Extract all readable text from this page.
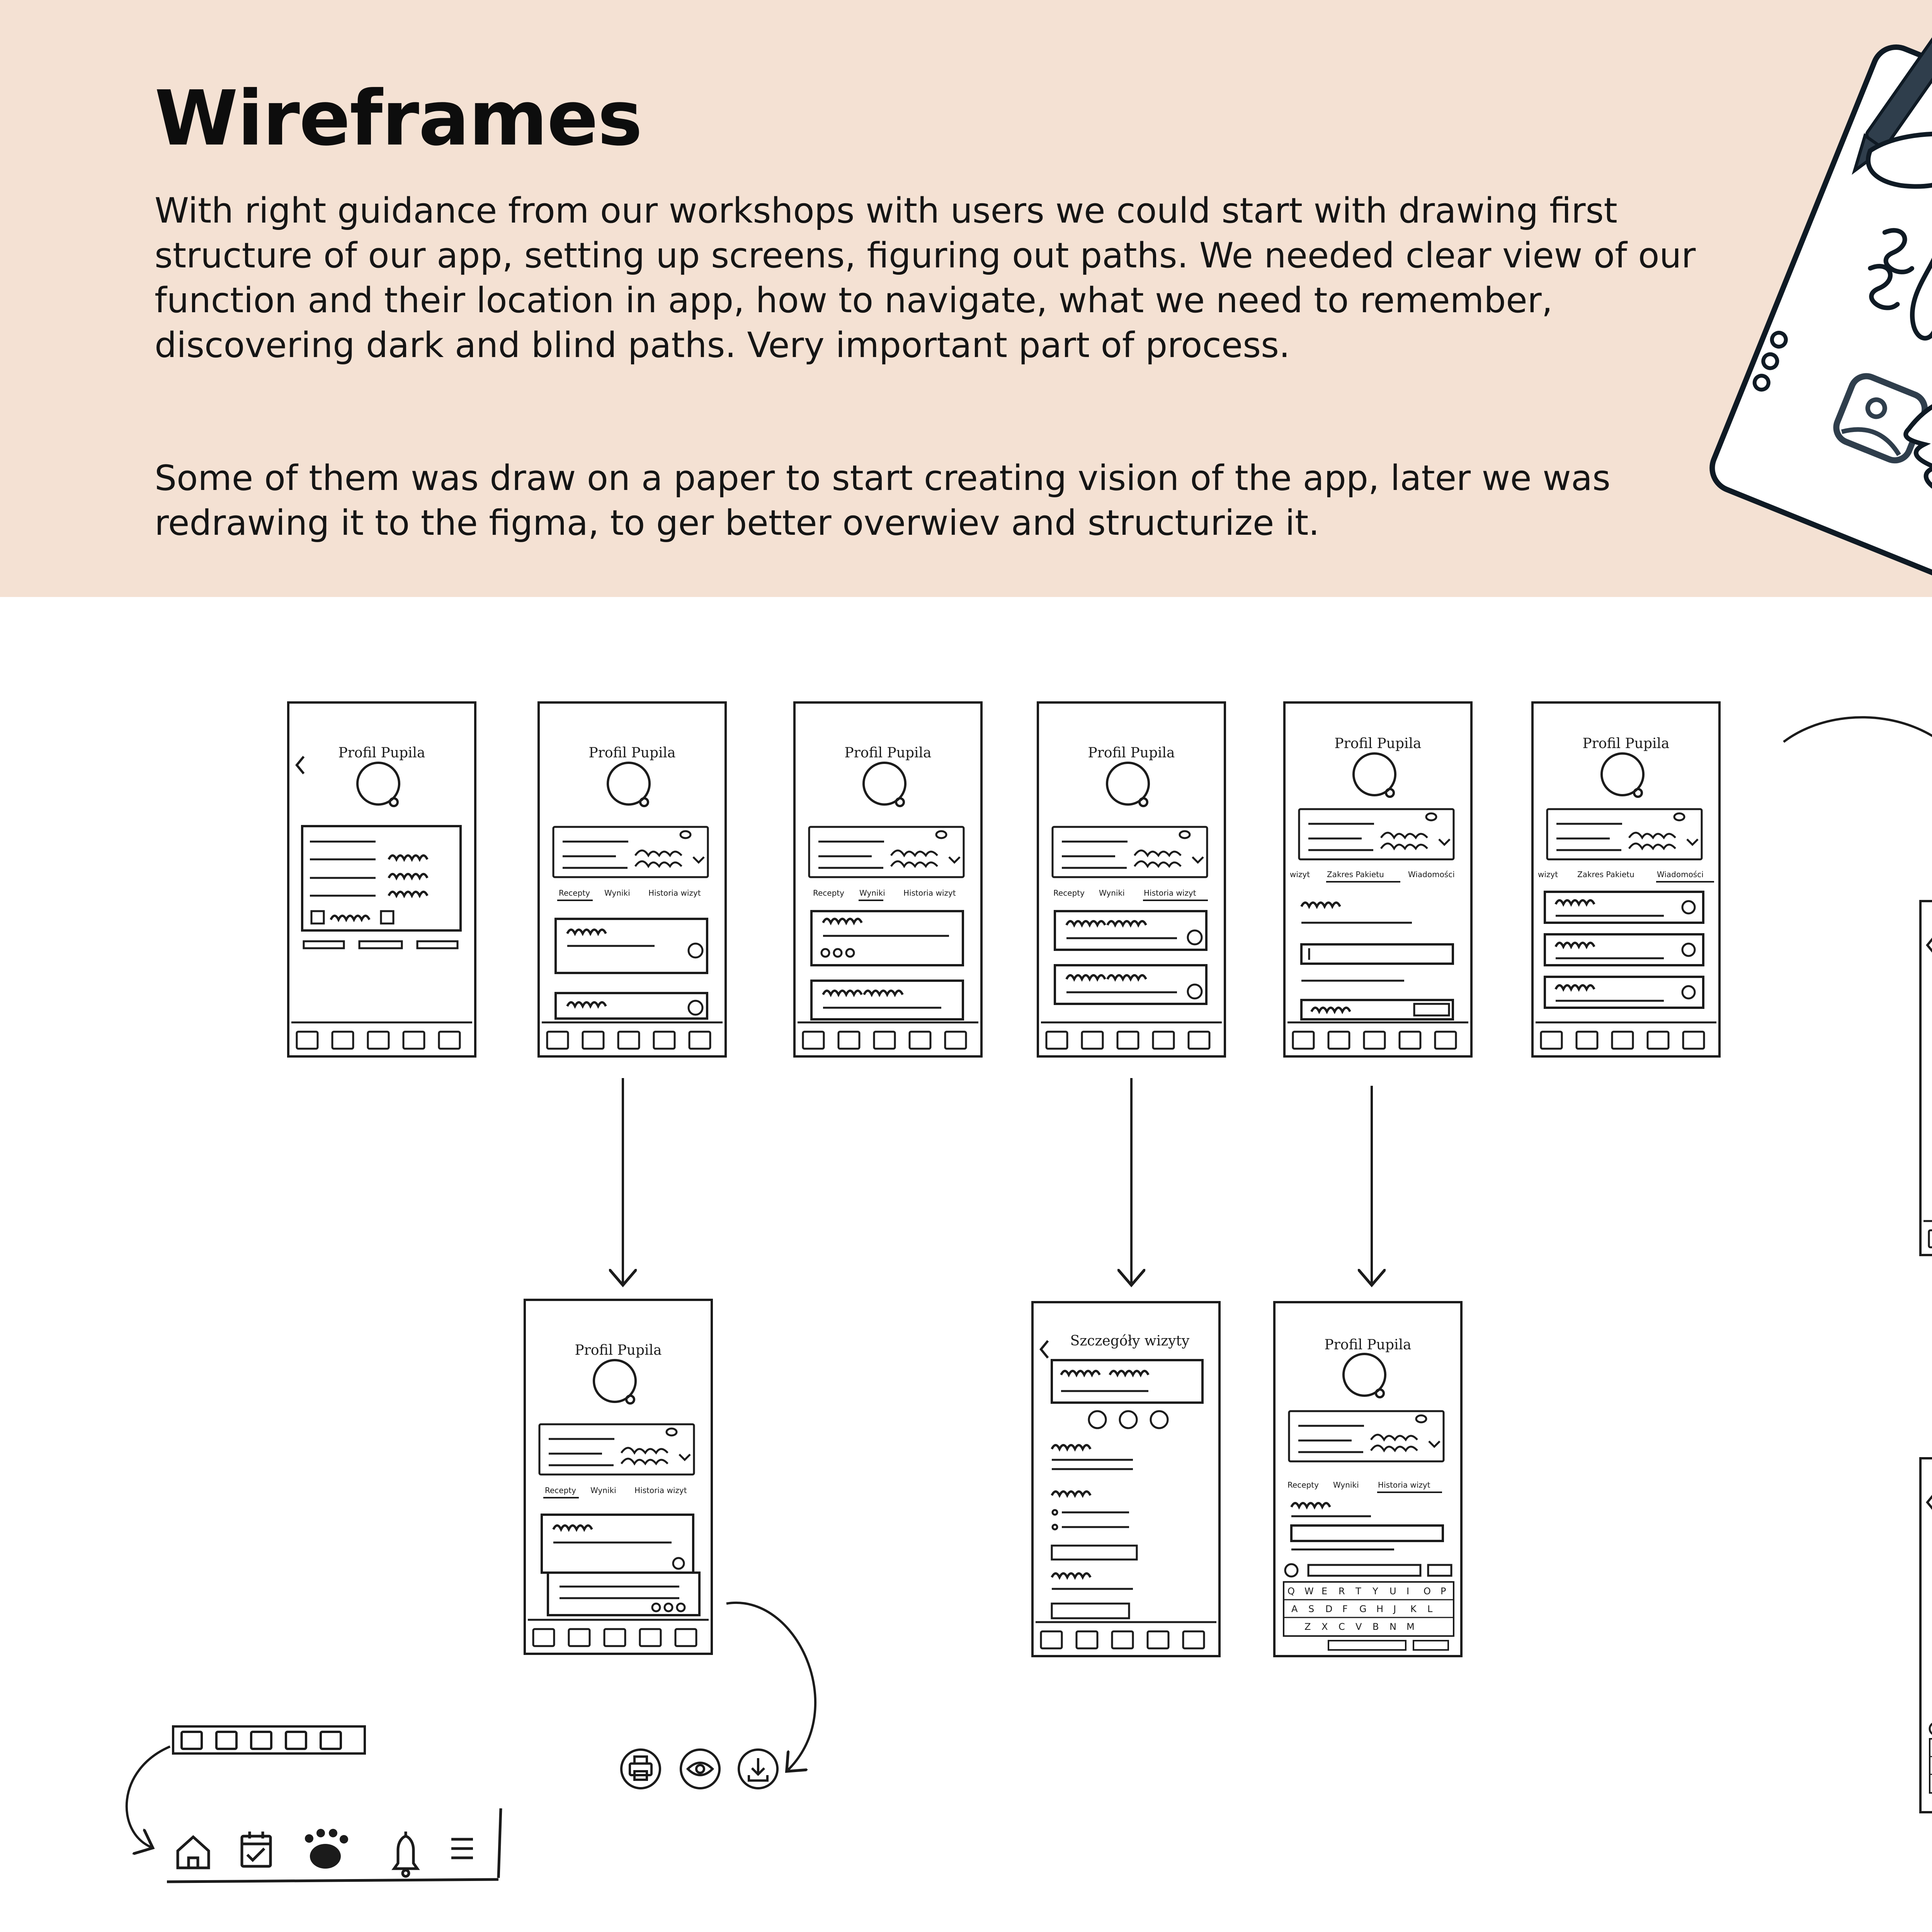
Wireframes

With right guidance from our workshops with users we could start with drawing first structure of our app, setting up screens, figuring out paths. We needed clear view of our function and their location in app, how to navigate, what we need to remember, discovering dark and blind paths. Very important part of process.

Some of them was draw on a paper to start creating vision of the app, later we was redrawing it to the figma, to ger better overwiev and structurize it.

Profil Pupila	Profil Pupila
Recepty Wyniki Historia wizyt
Profil Pupila
Recepty Wyniki Historia wizyt
Profil Pupila
Recepty Wyniki Historia wizyt
Profil Pupila
wizyt Zakres Pakietu	Wiadomości
Profil Pupila
wizyt Zakres Pakietu	Wiadomości
Profil Pupila
Recepty Wyniki Historia wizyt
Szczegóły wizyty	Profil Pupila
Recepty Wyniki Historia wizyt
Q W E R T Y U I O P
A S D F G H J K L
Z X C V B N M
